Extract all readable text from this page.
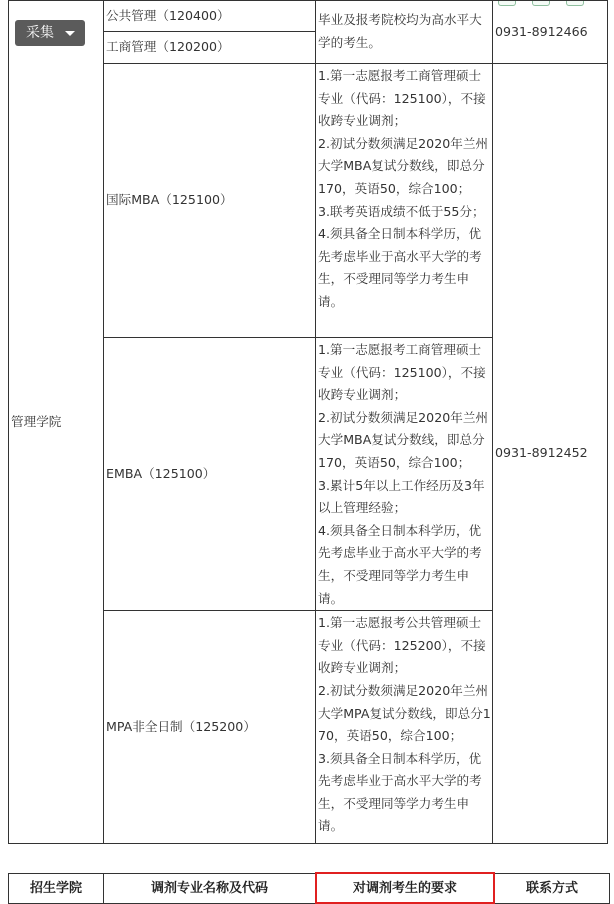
采集
管理学院	公共管理（120400）	毕业及报考院校均为高水平大学的考生。	0931-8912466
	工商管理（120200）		
	国际MBA（125100）	1.第一志愿报考工商管理硕士专业（代码：125100），不接收跨专业调剂；
2.初试分数须满足2020年兰州大学MBA复试分数线，即总分170，英语50，综合100；
3.联考英语成绩不低于55分；
4.须具备全日制本科学历，优先考虑毕业于高水平大学的考生，不受理同等学力考生申请。	0931-8912452
	EMBA（125100）	1.第一志愿报考工商管理硕士专业（代码：125100），不接收跨专业调剂；
2.初试分数须满足2020年兰州大学MBA复试分数线，即总分170，英语50，综合100；
3.累计5年以上工作经历及3年以上管理经验；
4.须具备全日制本科学历，优先考虑毕业于高水平大学的考生，不受理同等学力考生申请。	

	MPA非全日制（125200）	1.第一志愿报考公共管理硕士专业（代码：125200），不接收跨专业调剂；
2.初试分数须满足2020年兰州大学MPA复试分数线，即总分170，英语50，综合100；
3.须具备全日制本科学历，优先考虑毕业于高水平大学的考生，不受理同等学力考生申请。	
招生学院	调剂专业名称及代码	对调剂考生的要求	联系方式
